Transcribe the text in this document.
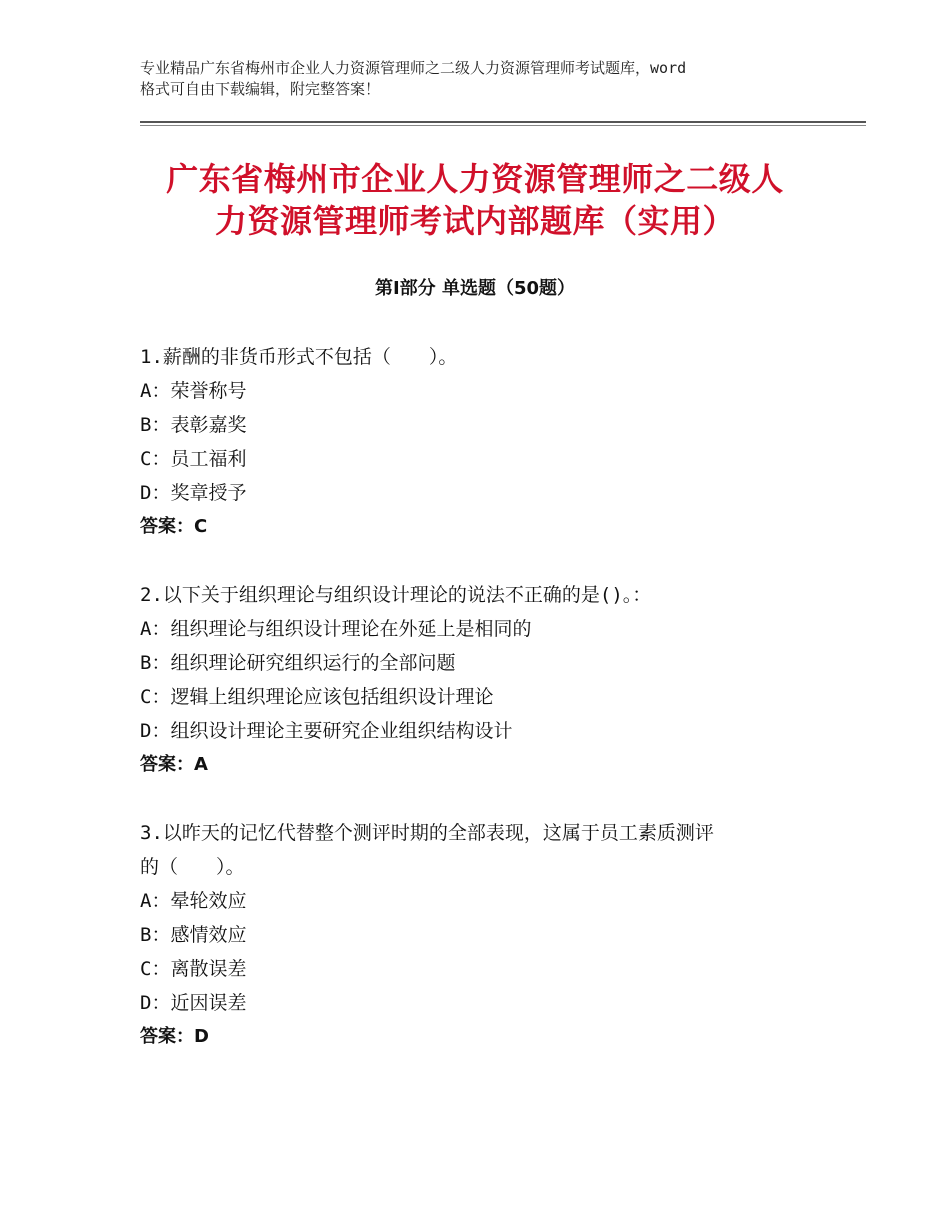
专业精品广东省梅州市企业人力资源管理师之二级人力资源管理师考试题库，word
格式可自由下载编辑，附完整答案！
广东省梅州市企业人力资源管理师之二级人
力资源管理师考试内部题库（实用）
第Ⅰ部分 单选题（50题）
1.薪酬的非货币形式不包括（　　）。
A：荣誉称号
B：表彰嘉奖
C：员工福利
D：奖章授予
答案：C
2.以下关于组织理论与组织设计理论的说法不正确的是()。：
A：组织理论与组织设计理论在外延上是相同的
B：组织理论研究组织运行的全部问题
C：逻辑上组织理论应该包括组织设计理论
D：组织设计理论主要研究企业组织结构设计
答案：A
3.以昨天的记忆代替整个测评时期的全部表现，这属于员工素质测评
的（　　）。
A：晕轮效应
B：感情效应
C：离散误差
D：近因误差
答案：D
